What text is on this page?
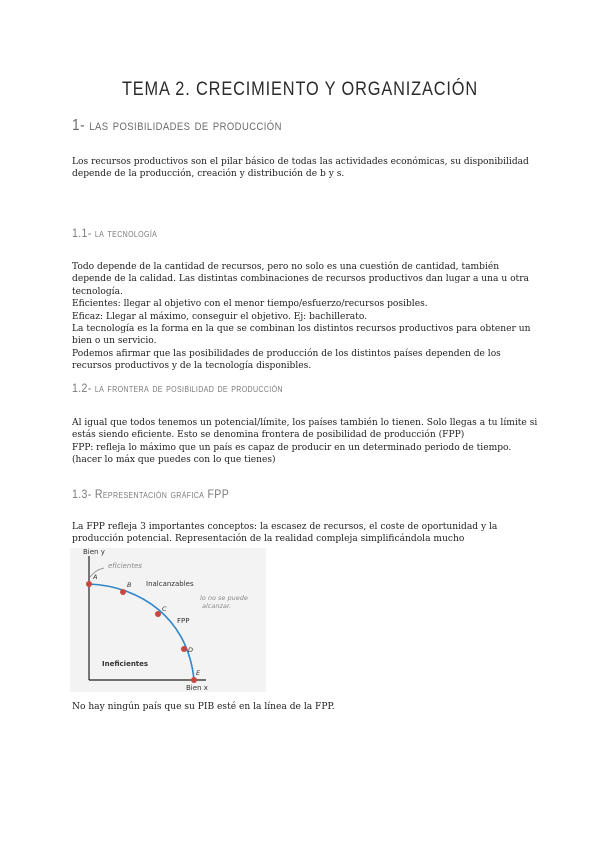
TEMA 2. CRECIMIENTO Y ORGANIZACIÓN
1- las posibilidades de producción

Los recursos productivos son el pilar básico de todas las actividades económicas, su disponibilidad depende de la producción, creación y distribución de b y s.

1.1- la tecnología

Todo depende de la cantidad de recursos, pero no solo es una cuestión de cantidad, también depende de la calidad. Las distintas combinaciones de recursos productivos dan lugar a una u otra tecnología.

Eficientes: llegar al objetivo con el menor tiempo/esfuerzo/recursos posibles.

Eficaz: Llegar al máximo, conseguir el objetivo. Ej: bachillerato.

La tecnología es la forma en la que se combinan los distintos recursos productivos para obtener un bien o un servicio.

Podemos afirmar que las posibilidades de producción de los distintos países dependen de los recursos productivos y de la tecnología disponibles.

1.2- la frontera de posibilidad de producción

Al igual que todos tenemos un potencial/límite, los países también lo tienen. Solo llegas a tu límite si estás siendo eficiente. Esto se denomina frontera de posibilidad de producción (FPP)

FPP: refleja lo máximo que un país es capaz de producir en un determinado periodo de tiempo. (hacer lo máx que puedes con lo que tienes)

1.3- Representación gráfica FPP

La FPP refleja 3 importantes conceptos: la escasez de recursos, el coste de oportunidad y la producción potencial. Representación de la realidad compleja simplificándola mucho

Bien y
Bien x
A
B
C
D
E
Inalcanzables
FPP
Ineficientes
eficientes
lo no se puede
alcanzar.

No hay ningún país que su PIB esté en la línea de la FPP.
